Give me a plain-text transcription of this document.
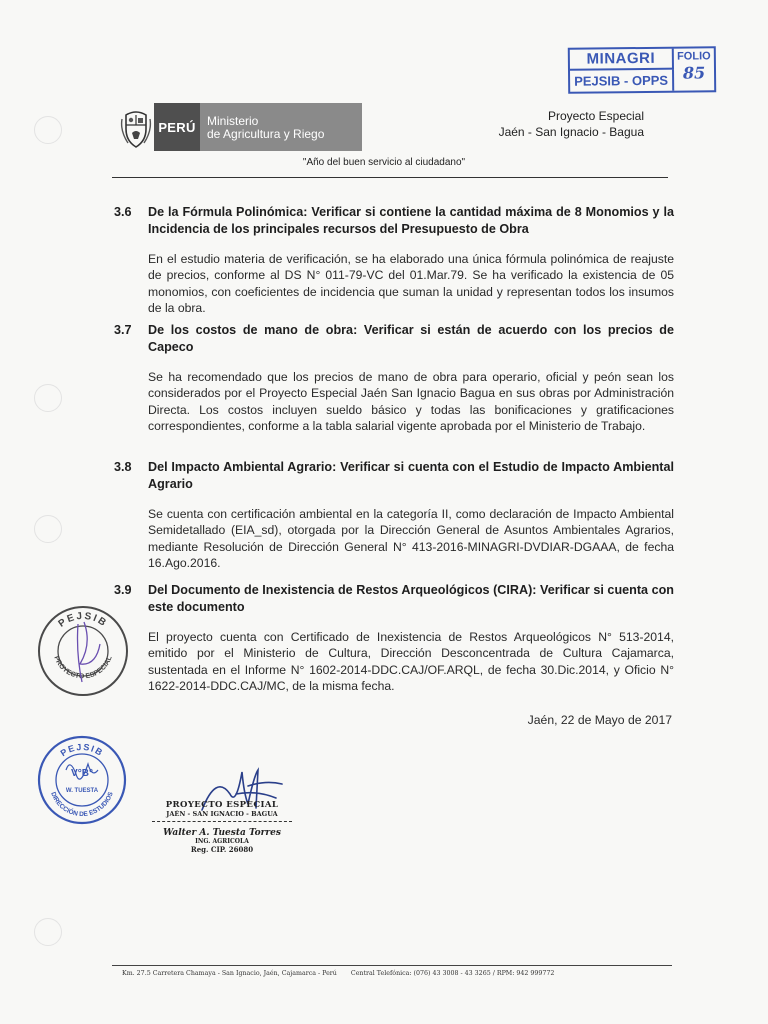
MINAGRI	FOLIO
PEJSIB - OPPS 85
PERÚ Ministerio
de Agricultura y Riego
Proyecto Especial
Jaén - San Ignacio - Bagua
"Año del buen servicio al ciudadano"
3.6	De la Fórmula Polinómica: Verificar si contiene la cantidad máxima de 8 Monomios y la Incidencia de los principales recursos del Presupuesto de Obra
En el estudio materia de verificación, se ha elaborado una única fórmula polinómica de reajuste de precios, conforme al DS N° 011-79-VC del 01.Mar.79. Se ha verificado la existencia de 05 monomios, con coeficientes de incidencia que suman la unidad y representan todos los insumos de la obra.
3.7	De los costos de mano de obra: Verificar si están de acuerdo con los precios de Capeco
Se ha recomendado que los precios de mano de obra para operario, oficial y peón sean los considerados por el Proyecto Especial Jaén San Ignacio Bagua en sus obras por Administración Directa. Los costos incluyen sueldo básico y todas las bonificaciones y gratificaciones correspondientes, conforme a la tabla salarial vigente aprobada por el Ministerio de Trabajo.
3.8	Del Impacto Ambiental Agrario: Verificar si cuenta con el Estudio de Impacto Ambiental Agrario
Se cuenta con certificación ambiental en la categoría II, como declaración de Impacto Ambiental Semidetallado (EIA_sd), otorgada por la Dirección General de Asuntos Ambientales Agrarios, mediante Resolución de Dirección General N° 413-2016-MINAGRI-DVDIAR-DGAAA, de fecha 16.Ago.2016.
3.9	Del Documento de Inexistencia de Restos Arqueológicos (CIRA): Verificar si cuenta con este documento
El proyecto cuenta con Certificado de Inexistencia de Restos Arqueológicos N° 513-2014, emitido por el Ministerio de Cultura, Dirección Desconcentrada de Cultura Cajamarca, sustentada en el Informe N° 1602-2014-DDC.CAJ/OF.ARQL, de fecha 30.Dic.2014, y Oficio N° 1622-2014-DDC.CAJ/MC, de la misma fecha.
Jaén, 22 de Mayo de 2017
PEJSIB
PROYECTO ESPECIAL
PEJSIB
DIRECCIÓN DE ESTUDIOS
V°B°
W. TUESTA
PROYECTO ESPECIAL
JAÉN - SAN IGNACIO - BAGUA
Walter A. Tuesta Torres
ING. AGRICOLA
Reg. CIP. 26080
Km. 27.5 Carretera Chamaya - San Ignacio, Jaén, Cajamarca - Perú Central Telefónica: (076) 43 3008 - 43 3265 / RPM: 942 999772
